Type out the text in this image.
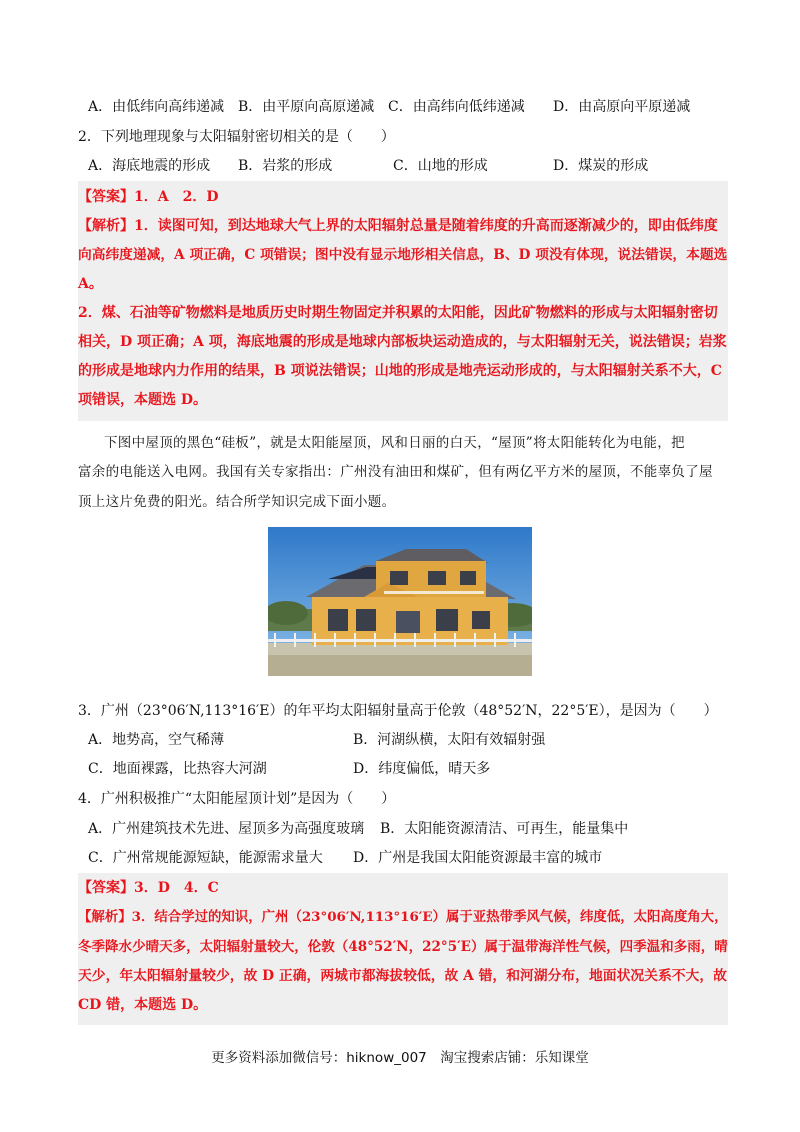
A．由低纬向高纬递减 B．由平原向高原递减 C．由高纬向低纬递减 D．由高原向平原递减
2．下列地理现象与太阳辐射密切相关的是（　　）
A．海底地震的形成 B．岩浆的形成	C．山地的形成	D．煤炭的形成
【答案】1．A　2．D
【解析】1．读图可知，到达地球大气上界的太阳辐射总量是随着纬度的升高而逐渐减少的，即由低纬度
向高纬度递减，A 项正确，C 项错误；图中没有显示地形相关信息，B、D 项没有体现，说法错误，本题选
A。
2．煤、石油等矿物燃料是地质历史时期生物固定并积累的太阳能，因此矿物燃料的形成与太阳辐射密切
相关，D 项正确；A 项，海底地震的形成是地球内部板块运动造成的，与太阳辐射无关，说法错误；岩浆
的形成是地球内力作用的结果，B 项说法错误；山地的形成是地壳运动形成的，与太阳辐射关系不大，C
项错误，本题选 D。
下图中屋顶的黑色“硅板”，就是太阳能屋顶，风和日丽的白天，“屋顶”将太阳能转化为电能，把
富余的电能送入电网。我国有关专家指出：广州没有油田和煤矿，但有两亿平方米的屋顶，不能辜负了屋
顶上这片免费的阳光。结合所学知识完成下面小题。
3．广州（23°06′N,113°16′E）的年平均太阳辐射量高于伦敦（48°52′N，22°5′E），是因为（　　）
A．地势高，空气稀薄	B．河湖纵横，太阳有效辐射强
C．地面裸露，比热容大河湖	D．纬度偏低，晴天多
4．广州积极推广“太阳能屋顶计划”是因为（　　）
A．广州建筑技术先进、屋顶多为高强度玻璃 B．太阳能资源清洁、可再生，能量集中
C．广州常规能源短缺，能源需求量大 D．广州是我国太阳能资源最丰富的城市
【答案】3．D　4．C
【解析】3．结合学过的知识，广州（23°06′N,113°16′E）属于亚热带季风气候，纬度低，太阳高度角大，
冬季降水少晴天多，太阳辐射量较大，伦敦（48°52′N，22°5′E）属于温带海洋性气候，四季温和多雨，晴
天少，年太阳辐射量较少，故 D 正确，两城市都海拔较低，故 A 错，和河湖分布，地面状况关系不大，故
CD 错，本题选 D。
更多资料添加微信号：hiknow_007　淘宝搜索店铺：乐知课堂
